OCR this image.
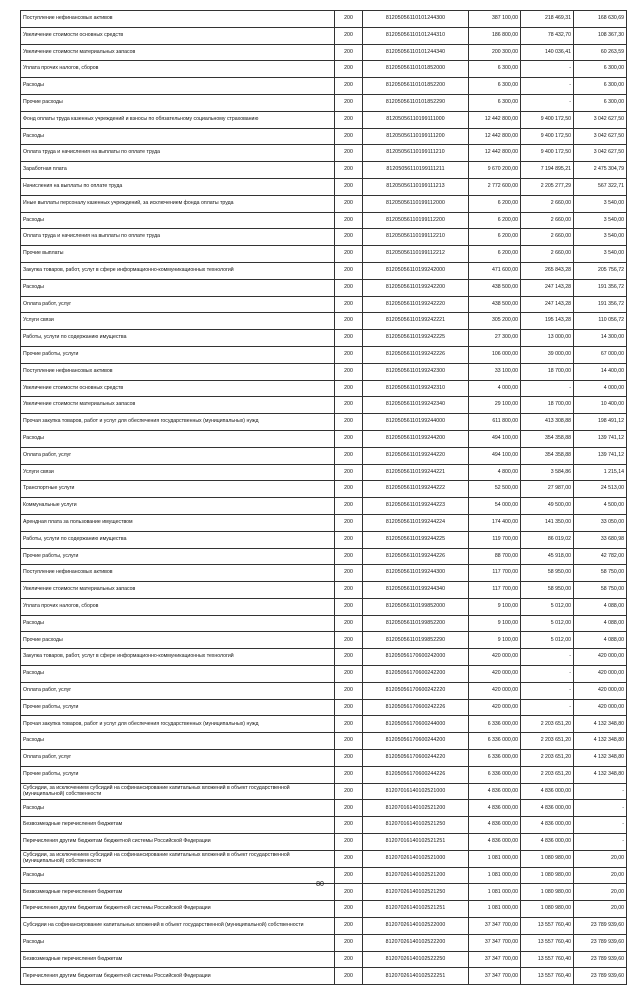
Поступление нефинансовых активов	200	81205056110101244300	387 100,00	218 469,31	168 630,69
Увеличение стоимости основных средств	200	81205056110101244310	186 800,00	78 432,70	108 367,30
Увеличение стоимости материальных запасов	200	81205056110101244340	200 300,00	140 036,41	60 263,59
Уплата прочих налогов, сборов	200	81205056110101852000	6 300,00	-	6 300,00
Расходы	200	81205056110101852200	6 300,00	-	6 300,00
Прочие расходы	200	81205056110101852290	6 300,00	-	6 300,00
Фонд оплаты труда казенных учреждений и взносы по обязательному социальному страхованию	200	81205056110199111000	12 442 800,00	9 400 172,50	3 042 627,50
Расходы	200	81205056110199111200	12 442 800,00	9 400 172,50	3 042 627,50
Оплата труда и начисления на выплаты по оплате труда	200	81205056110199111210	12 442 800,00	9 400 172,50	3 042 627,50
Заработная плата	200	81205056110199111211	9 670 200,00	7 194 895,21	2 475 304,79
Начисления на выплаты по оплате труда	200	81205056110199111213	2 772 600,00	2 205 277,29	567 322,71
Иные выплаты персоналу казенных учреждений, за исключением фонда оплаты труда	200	81205056110199112000	6 200,00	2 660,00	3 540,00
Расходы	200	81205056110199112200	6 200,00	2 660,00	3 540,00
Оплата труда и начисления на выплаты по оплате труда	200	81205056110199112210	6 200,00	2 660,00	3 540,00
Прочие выплаты	200	81205056110199112212	6 200,00	2 660,00	3 540,00
Закупка товаров, работ, услуг в сфере информационно-коммуникационных технологий	200	81205056110199242000	471 600,00	265 843,28	205 756,72
Расходы	200	81205056110199242200	438 500,00	247 143,28	191 356,72
Оплата работ, услуг	200	81205056110199242220	438 500,00	247 143,28	191 356,72
Услуги связи	200	81205056110199242221	305 200,00	195 143,28	110 056,72
Работы, услуги по содержанию имущества	200	81205056110199242225	27 300,00	13 000,00	14 300,00
Прочие работы, услуги	200	81205056110199242226	106 000,00	39 000,00	67 000,00
Поступление нефинансовых активов	200	81205056110199242300	33 100,00	18 700,00	14 400,00
Увеличение стоимости основных средств	200	81205056110199242310	4 000,00	-	4 000,00
Увеличение стоимости материальных запасов	200	81205056110199242340	29 100,00	18 700,00	10 400,00
Прочая закупка товаров, работ и услуг для обеспечения государственных (муниципальных) нужд	200	81205056110199244000	611 800,00	413 308,88	198 491,12
Расходы	200	81205056110199244200	494 100,00	354 358,88	139 741,12
Оплата работ, услуг	200	81205056110199244220	494 100,00	354 358,88	139 741,12
Услуги связи	200	81205056110199244221	4 800,00	3 584,86	1 215,14
Транспортные услуги	200	81205056110199244222	52 500,00	27 987,00	24 513,00
Коммунальные услуги	200	81205056110199244223	54 000,00	49 500,00	4 500,00
Арендная плата за пользование имуществом	200	81205056110199244224	174 400,00	141 350,00	33 050,00
Работы, услуги по содержанию имущества	200	81205056110199244225	119 700,00	86 019,02	33 680,98
Прочие работы, услуги	200	81205056110199244226	88 700,00	45 918,00	42 782,00
Поступление нефинансовых активов	200	81205056110199244300	117 700,00	58 950,00	58 750,00
Увеличение стоимости материальных запасов	200	81205056110199244340	117 700,00	58 950,00	58 750,00
Уплата прочих налогов, сборов	200	81205056110199852000	9 100,00	5 012,00	4 088,00
Расходы	200	81205056110199852200	9 100,00	5 012,00	4 088,00
Прочие расходы	200	81205056110199852290	9 100,00	5 012,00	4 088,00
Закупка товаров, работ, услуг в сфере информационно-коммуникационных технологий	200	81205056170600242000	420 000,00	-	420 000,00
Расходы	200	81205056170600242200	420 000,00	-	420 000,00
Оплата работ, услуг	200	81205056170600242220	420 000,00	-	420 000,00
Прочие работы, услуги	200	81205056170600242226	420 000,00	-	420 000,00
Прочая закупка товаров, работ и услуг для обеспечения государственных (муниципальных) нужд	200	81205056170600244000	6 336 000,00	2 203 651,20	4 132 348,80
Расходы	200	81205056170600244200	6 336 000,00	2 203 651,20	4 132 348,80
Оплата работ, услуг	200	81205056170600244220	6 336 000,00	2 203 651,20	4 132 348,80
Прочие работы, услуги	200	81205056170600244226	6 336 000,00	2 203 651,20	4 132 348,80
Субсидии, за исключением субсидий на софинансирование капитальных вложений в объект государственной (муниципальной) собственности	200	81207016140102521000	4 836 000,00	4 836 000,00	-
Расходы	200	81207016140102521200	4 836 000,00	4 836 000,00	-
Безвозмездные перечисления бюджетам	200	81207016140102521250	4 836 000,00	4 836 000,00	-
Перечисления другим бюджетам бюджетной системы Российской Федерации	200	81207016140102521251	4 836 000,00	4 836 000,00	-
Субсидии, за исключением субсидий на софинансирование капитальных вложений в объект государственной (муниципальной) собственности	200	81207026140102521000	1 081 000,00	1 080 980,00	20,00
Расходы	200	81207026140102521200	1 081 000,00	1 080 980,00	20,00
Безвозмездные перечисления бюджетам	200	81207026140102521250	1 081 000,00	1 080 980,00	20,00
Перечисления другим бюджетам бюджетной системы Российской Федерации	200	81207026140102521251	1 081 000,00	1 080 980,00	20,00
Субсидии на софинансирование капитальных вложений в объект государственной (муниципальной) собственности	200	81207026140102522000	37 347 700,00	13 557 760,40	23 789 939,60
Расходы	200	81207026140102522200	37 347 700,00	13 557 760,40	23 789 939,60
Безвозмездные перечисления бюджетам	200	81207026140102522250	37 347 700,00	13 557 760,40	23 789 939,60
Перечисления другим бюджетам бюджетной системы Российской Федерации	200	81207026140102522251	37 347 700,00	13 557 760,40	23 789 939,60
80
